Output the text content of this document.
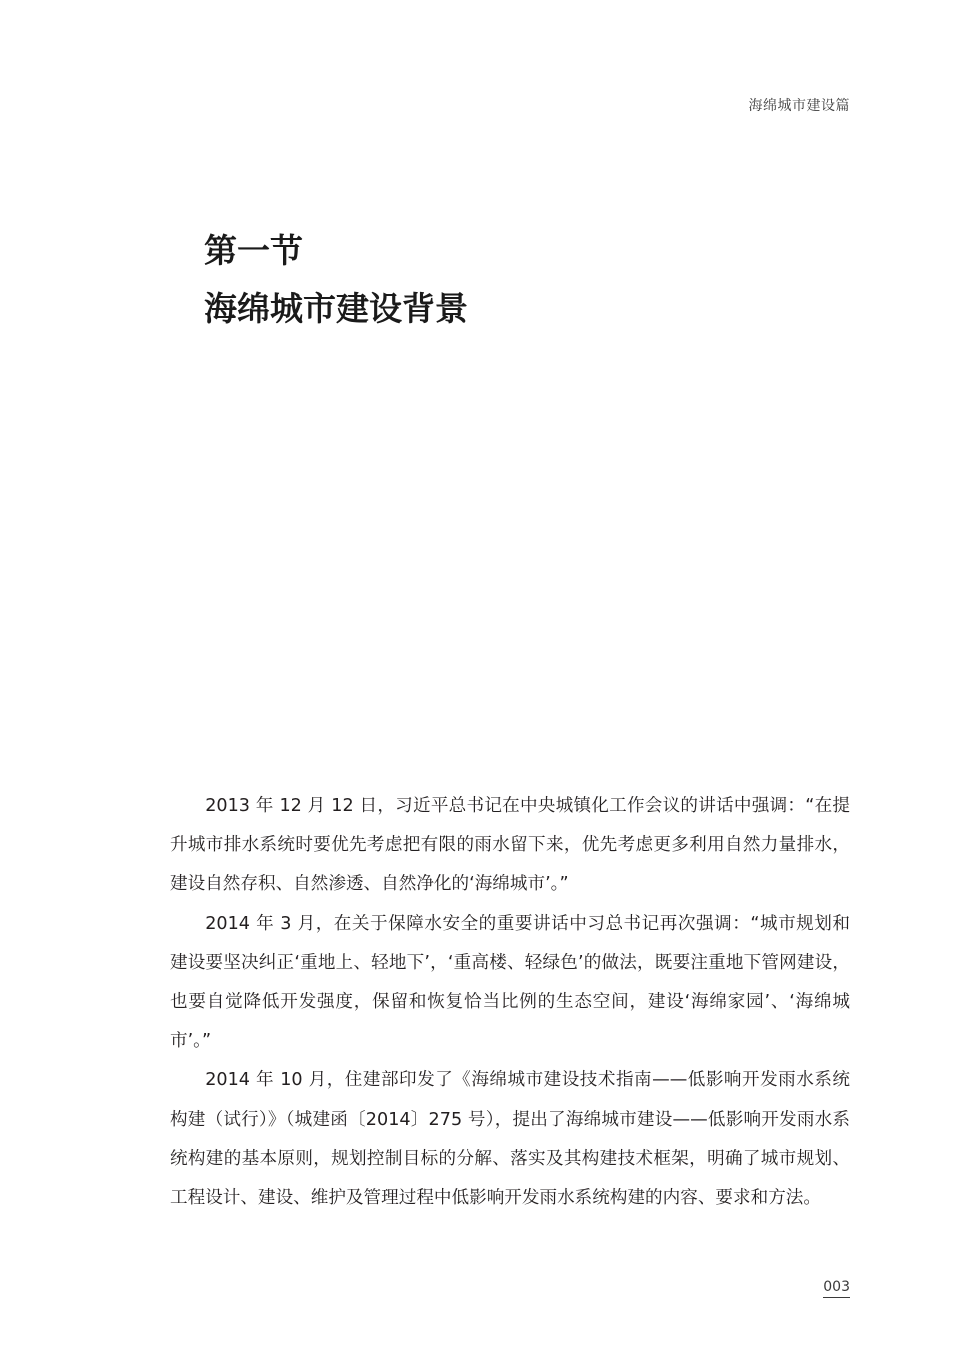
海绵城市建设篇
第一节
海绵城市建设背景

2013 年 12 月 12 日，习近平总书记在中央城镇化工作会议的讲话中强调：“在提升城市排水系统时要优先考虑把有限的雨水留下来，优先考虑更多利用自然力量排水，建设自然存积、自然渗透、自然净化的‘海绵城市’。”

2014 年 3 月，在关于保障水安全的重要讲话中习总书记再次强调：“城市规划和建设要坚决纠正‘重地上、轻地下’，‘重高楼、轻绿色’的做法，既要注重地下管网建设，也要自觉降低开发强度，保留和恢复恰当比例的生态空间，建设‘海绵家园’、‘海绵城市’。”

2014 年 10 月，住建部印发了《海绵城市建设技术指南——低影响开发雨水系统构建（试行）》（城建函〔2014〕275 号），提出了海绵城市建设——低影响开发雨水系统构建的基本原则，规划控制目标的分解、落实及其构建技术框架，明确了城市规划、工程设计、建设、维护及管理过程中低影响开发雨水系统构建的内容、要求和方法。

003
